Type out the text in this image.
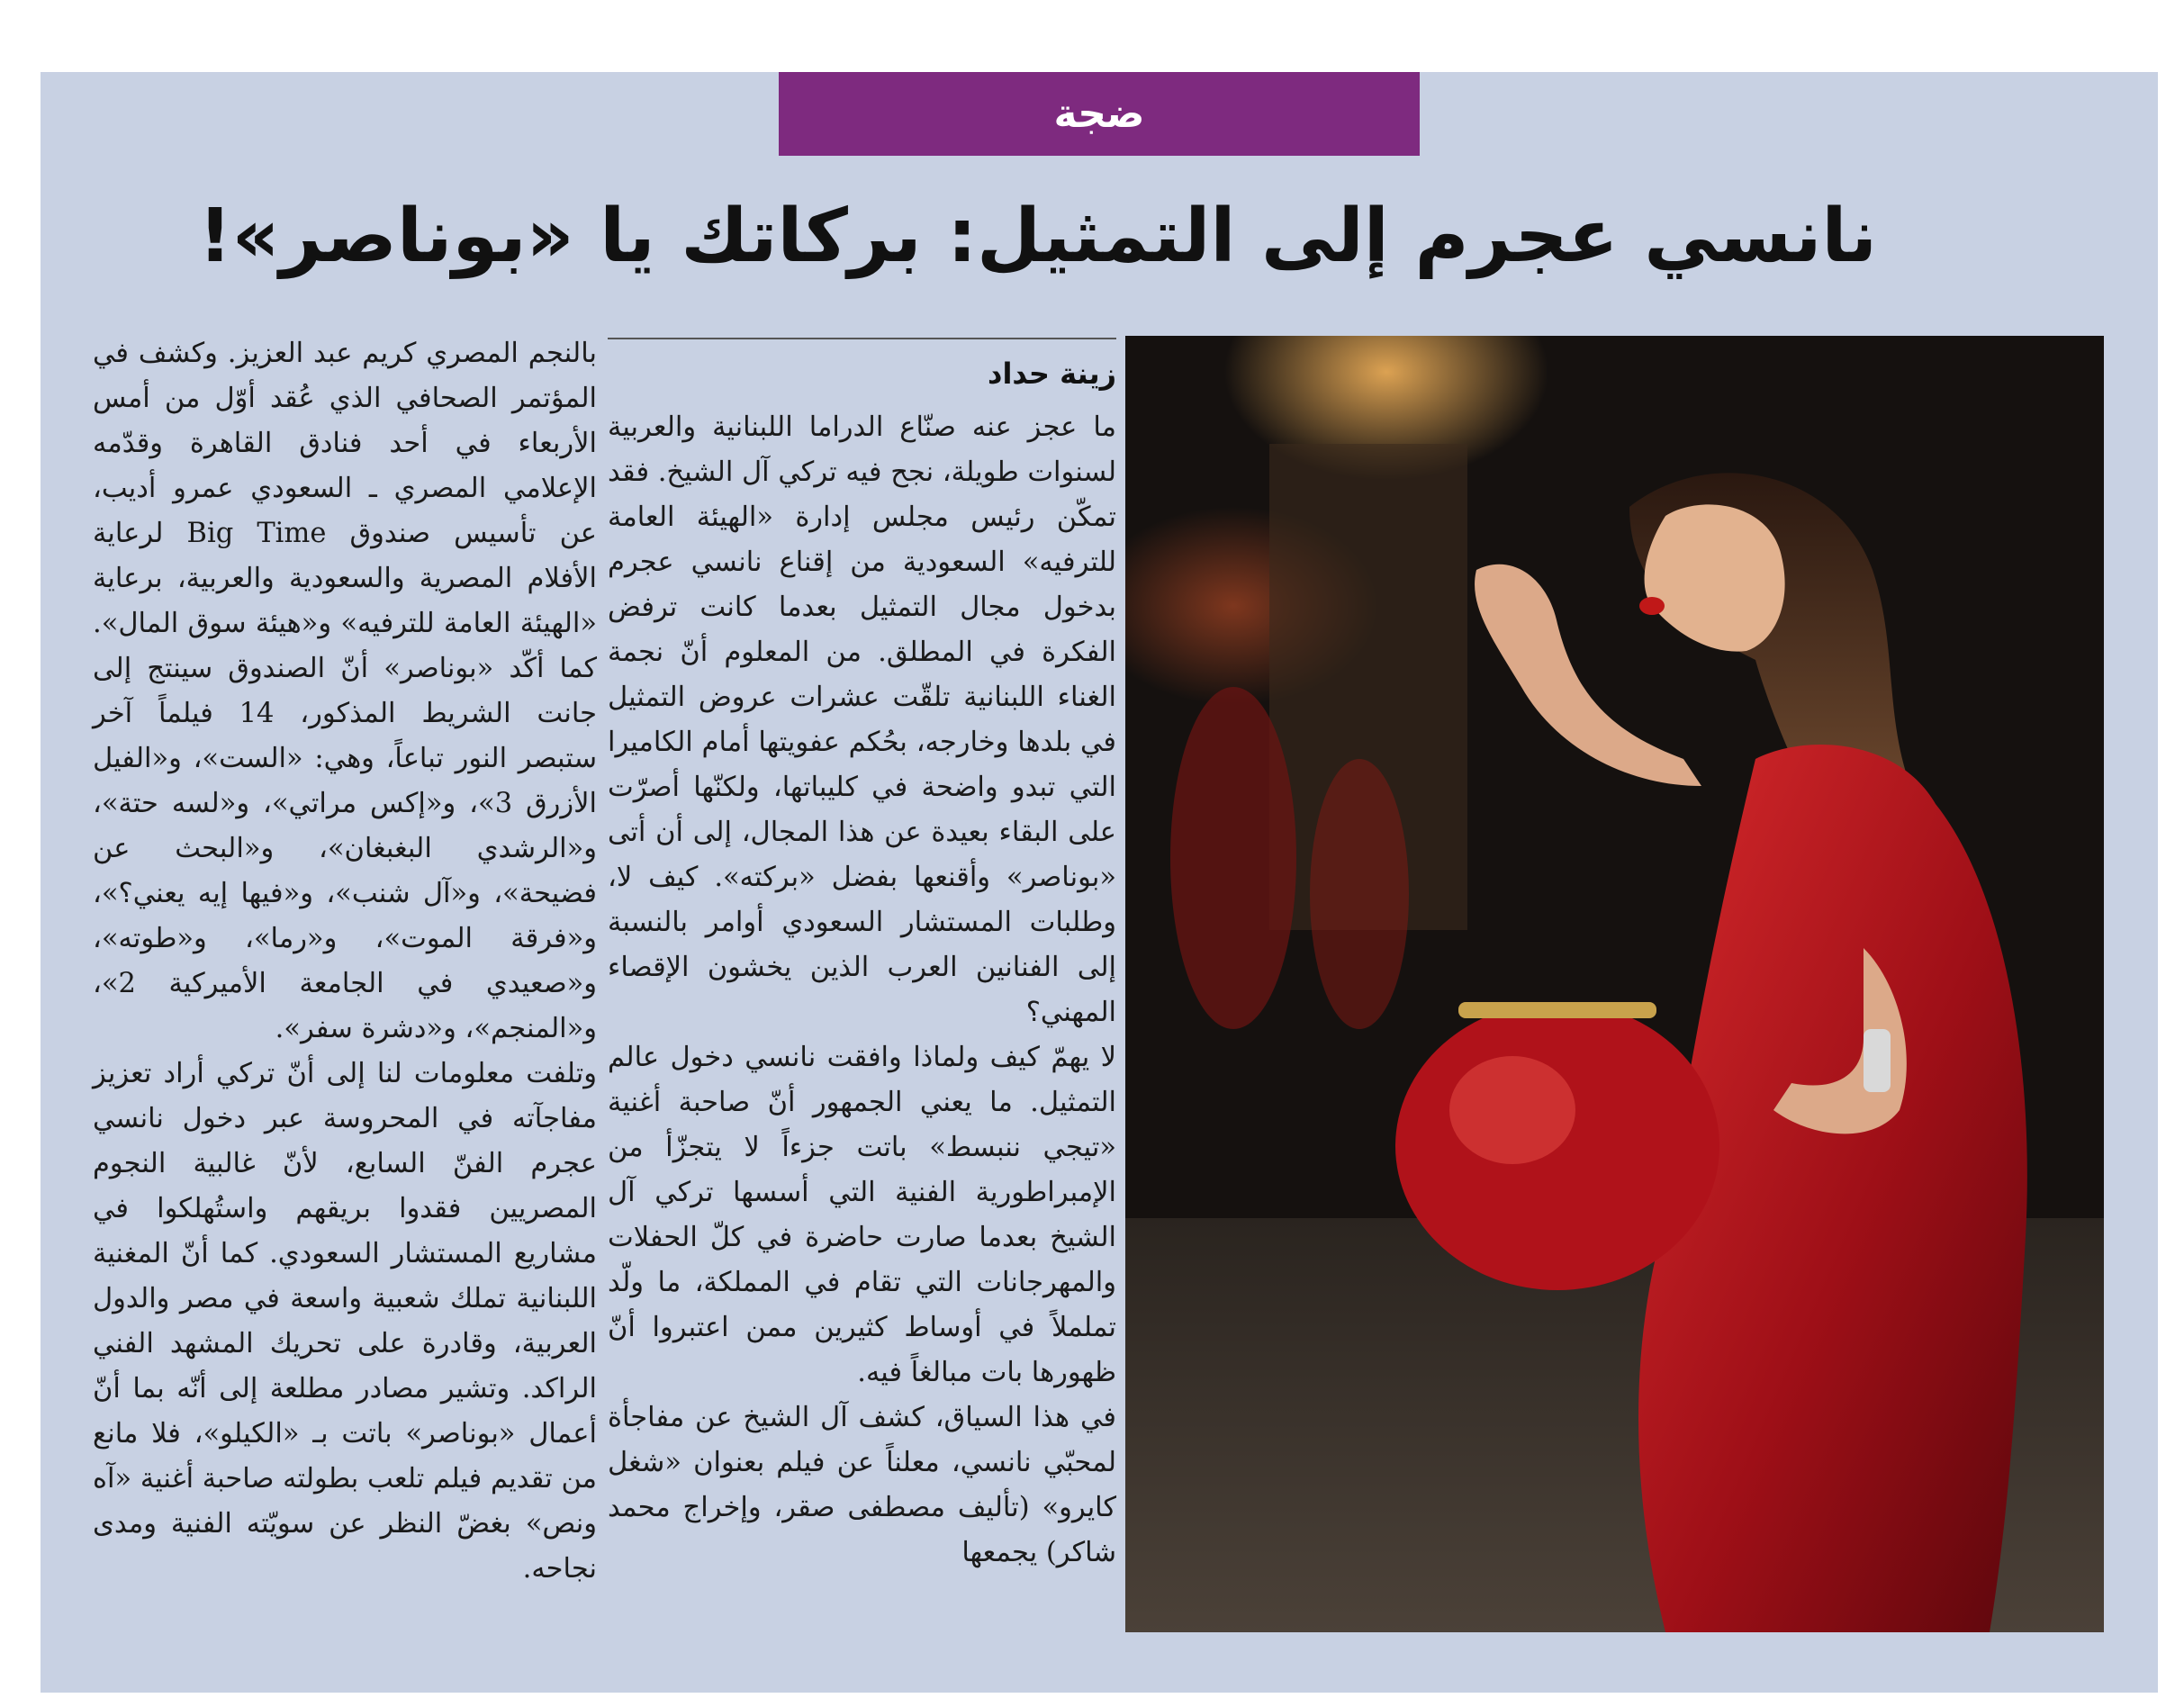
ضجة
نانسي عجرم إلى التمثيل: بركاتك يا «بوناصر»!
زينة حداد

ما عجز عنه صنّاع الدراما اللبنانية والعربية لسنوات طويلة، نجح فيه تركي آل الشيخ. فقد تمكّن رئيس مجلس إدارة «الهيئة العامة للترفيه» السعودية من إقناع نانسي عجرم بدخول مجال التمثيل بعدما كانت ترفض الفكرة في المطلق. من المعلوم أنّ نجمة الغناء اللبنانية تلقّت عشرات عروض التمثيل في بلدها وخارجه، بحُكم عفويتها أمام الكاميرا التي تبدو واضحة في كليباتها، ولكنّها أصرّت على البقاء بعيدة عن هذا المجال، إلى أن أتى «بوناصر» وأقنعها بفضل «بركته». كيف لا، وطلبات المستشار السعودي أوامر بالنسبة إلى الفنانين العرب الذين يخشون الإقصاء المهني؟

لا يهمّ كيف ولماذا وافقت نانسي دخول عالم التمثيل. ما يعني الجمهور أنّ صاحبة أغنية «تيجي ننبسط» باتت جزءاً لا يتجزّأ من الإمبراطورية الفنية التي أسسها تركي آل الشيخ بعدما صارت حاضرة في كلّ الحفلات والمهرجانات التي تقام في المملكة، ما ولّد تململاً في أوساط كثيرين ممن اعتبروا أنّ ظهورها بات مبالغاً فيه.

في هذا السياق، كشف آل الشيخ عن مفاجأة لمحبّي نانسي، معلناً عن فيلم بعنوان «شغل كايرو» (تأليف مصطفى صقر، وإخراج محمد شاكر) يجمعها

بالنجم المصري كريم عبد العزيز. وكشف في المؤتمر الصحافي الذي عُقد أوّل من أمس الأربعاء في أحد فنادق القاهرة وقدّمه الإعلامي المصري ـ السعودي عمرو أديب، عن تأسيس صندوق Big Time لرعاية الأفلام المصرية والسعودية والعربية، برعاية «الهيئة العامة للترفيه» و«هيئة سوق المال». كما أكّد «بوناصر» أنّ الصندوق سينتج إلى جانت الشريط المذكور، 14 فيلماً آخر ستبصر النور تباعاً، وهي: «الست»، و«الفيل الأزرق 3»، و«إكس مراتي»، و«لسه حتة»، و«الرشدي البغبغان»، و«البحث عن فضيحة»، و«آل شنب»، و«فيها إيه يعني؟»، و«فرقة الموت»، و«رما»، و«طوته»، و«صعيدي في الجامعة الأميركية 2»، و«المنجم»، و«دشرة سفر».

وتلفت معلومات لنا إلى أنّ تركي أراد تعزيز مفاجآته في المحروسة عبر دخول نانسي عجرم الفنّ السابع، لأنّ غالبية النجوم المصريين فقدوا بريقهم واستُهلكوا في مشاريع المستشار السعودي. كما أنّ المغنية اللبنانية تملك شعبية واسعة في مصر والدول العربية، وقادرة على تحريك المشهد الفني الراكد. وتشير مصادر مطلعة إلى أنّه بما أنّ أعمال «بوناصر» باتت بـ «الكيلو»، فلا مانع من تقديم فيلم تلعب بطولته صاحبة أغنية «آه ونص» بغضّ النظر عن سويّته الفنية ومدى نجاحه.
